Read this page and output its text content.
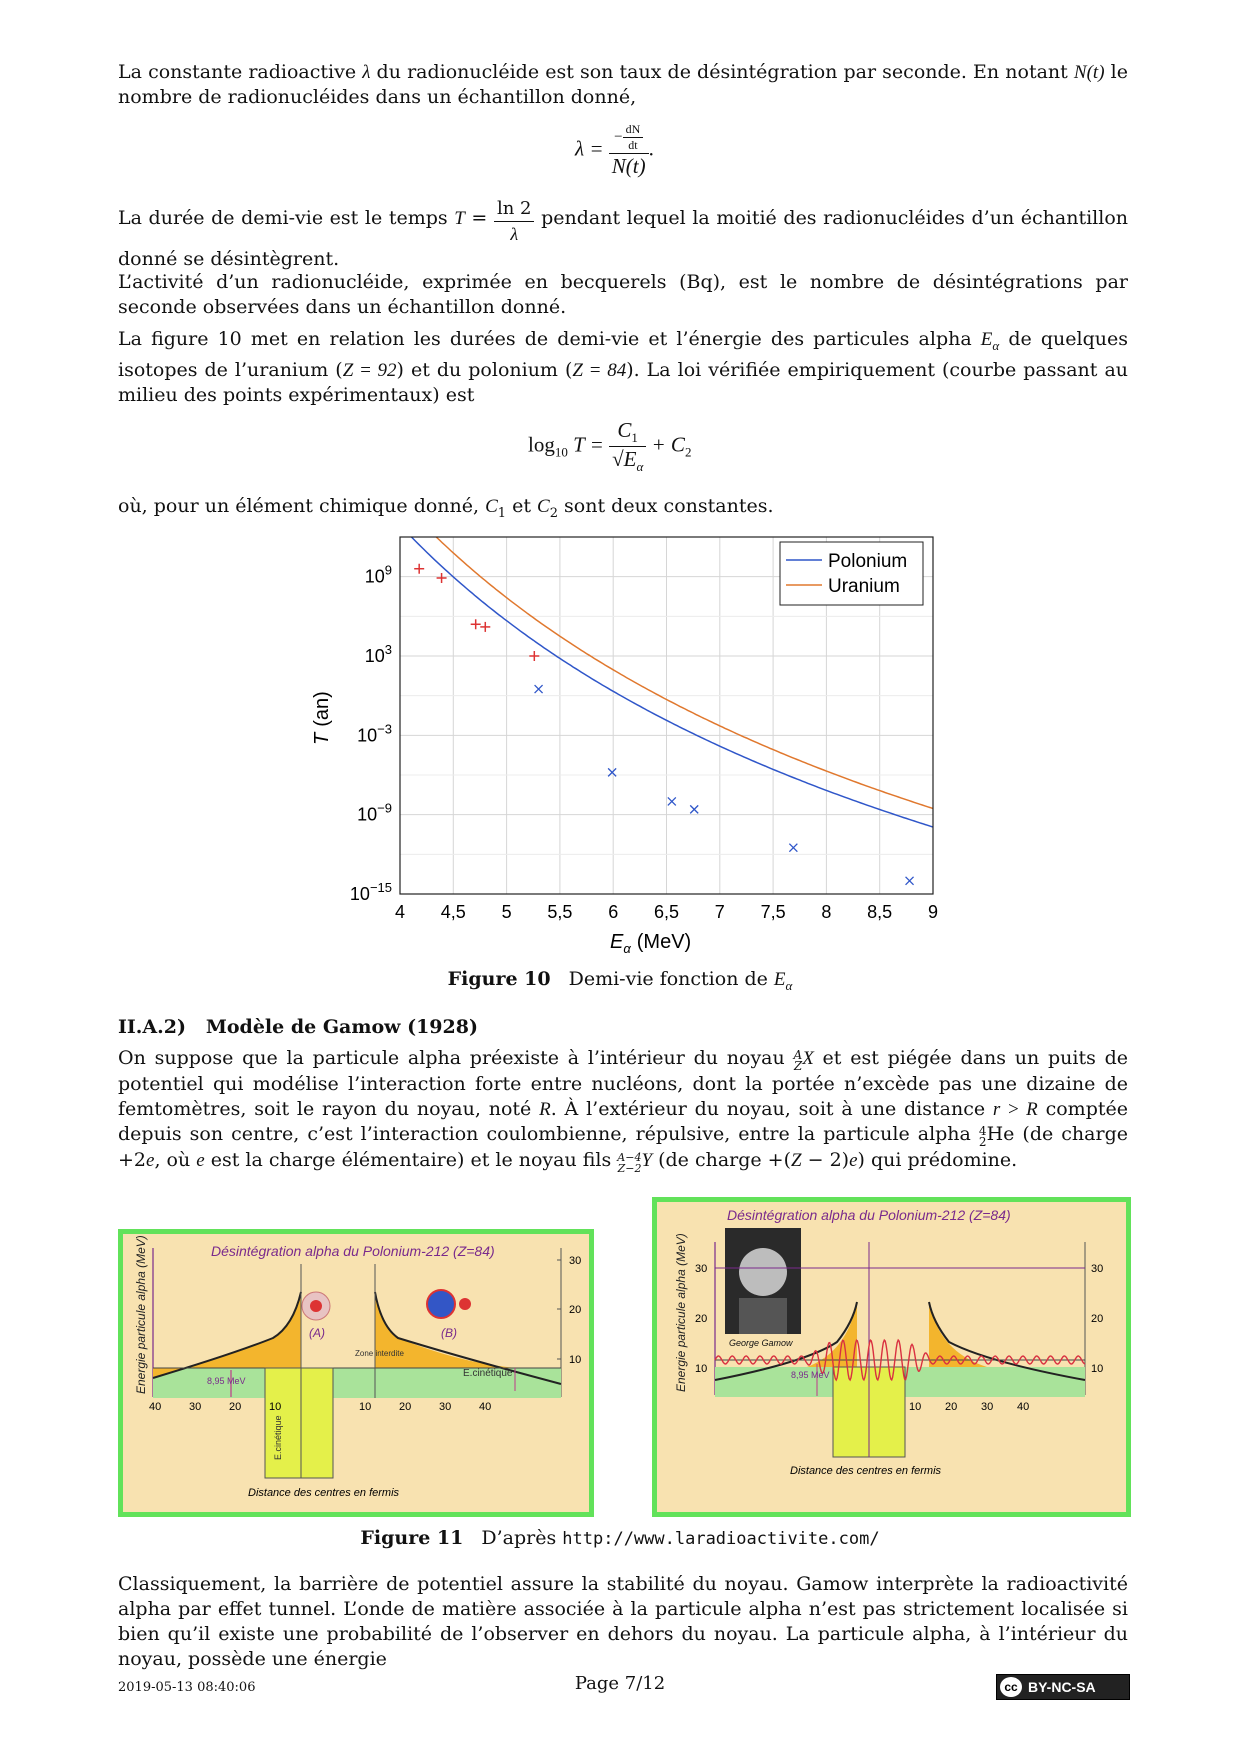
La constante radioactive λ du radionucléide est son taux de désintégration par seconde. En notant N(t) le nombre de radionucléides dans un échantillon donné,
$\lambda = \frac{- \frac{dN}{dt}}{N(t)}$ .
La durée de demi-vie est le temps $T = \frac{\ln 2}{\lambda}$ pendant lequel la moitié des radionucléides d’un échantillon donné se désintègrent.
L’activité d’un radionucléide, exprimée en becquerels (Bq), est le nombre de désintégrations par seconde observées dans un échantillon donné.
La figure 10 met en relation les durées de demi-vie et l’énergie des particules alpha $E_\alpha$ de quelques isotopes de l’uranium (Z = 92) et du polonium (Z = 84). La loi vérifiée empiriquement (courbe passant au milieu des points expérimentaux) est
$\log_{10} T = \frac{C_1}{√E_\alpha} + C_2$
où, pour un élément chimique donné, $C_1$ et $C_2$ sont deux constantes.
4 4,5 5 5,5 6 6,5 7 7,5 8 8,5 9
$10^9$
$10^3$
$10^{-3}$
$10^{-9}$
$10^{-15}$
$E_\alpha$ (MeV)
T(an)
Polonium
Uranium
Figure 10 Demi-vie fonction de $E_\alpha$
II.A.2) Modèle de Gamow (1928)
On suppose que la particule alpha préexiste à l’intérieur du noyau A
ZX et est piégée dans un puits de potentiel qui modélise l’interaction forte entre nucléons, dont la portée n’excède pas une dizaine de femtomètres, soit le rayon du noyau, noté R. À l’extérieur du noyau, soit à une distance r > R comptée depuis son centre, c’est l’interaction coulombienne, répulsive, entre la particule alpha 4
2He (de charge +2e, où e est la charge élémentaire) et le noyau fils A−4
Z−2Y (de charge +(Z − 2)e) qui prédomine.
Désintégration alpha du Polonium-212 (Z=84)
30
20
10
Energie particule alpha (MeV)	8,95 MeV
Zone interdite
E.cinétique
E.cinétique
(A)	(B)
40	30	20	10	10	20	30	40
Distance des centres en fermis
Désintégration alpha du Polonium-212 (Z=84)
30
20
10
30
20
10
Energie particule alpha (MeV)	George Gamow
8,95 MeV
10 20 30 40
Distance des centres en fermis
Figure 11 D’après http://www.laradioactivite.com/
Classiquement, la barrière de potentiel assure la stabilité du noyau. Gamow interprète la radioactivité alpha par effet tunnel. L’onde de matière associée à la particule alpha n’est pas strictement localisée si bien qu’il existe une probabilité de l’observer en dehors du noyau. La particule alpha, à l’intérieur du noyau, possède une énergie
2019-05-13 08:40:06	Page 7/12	cc BY-NC-SA
